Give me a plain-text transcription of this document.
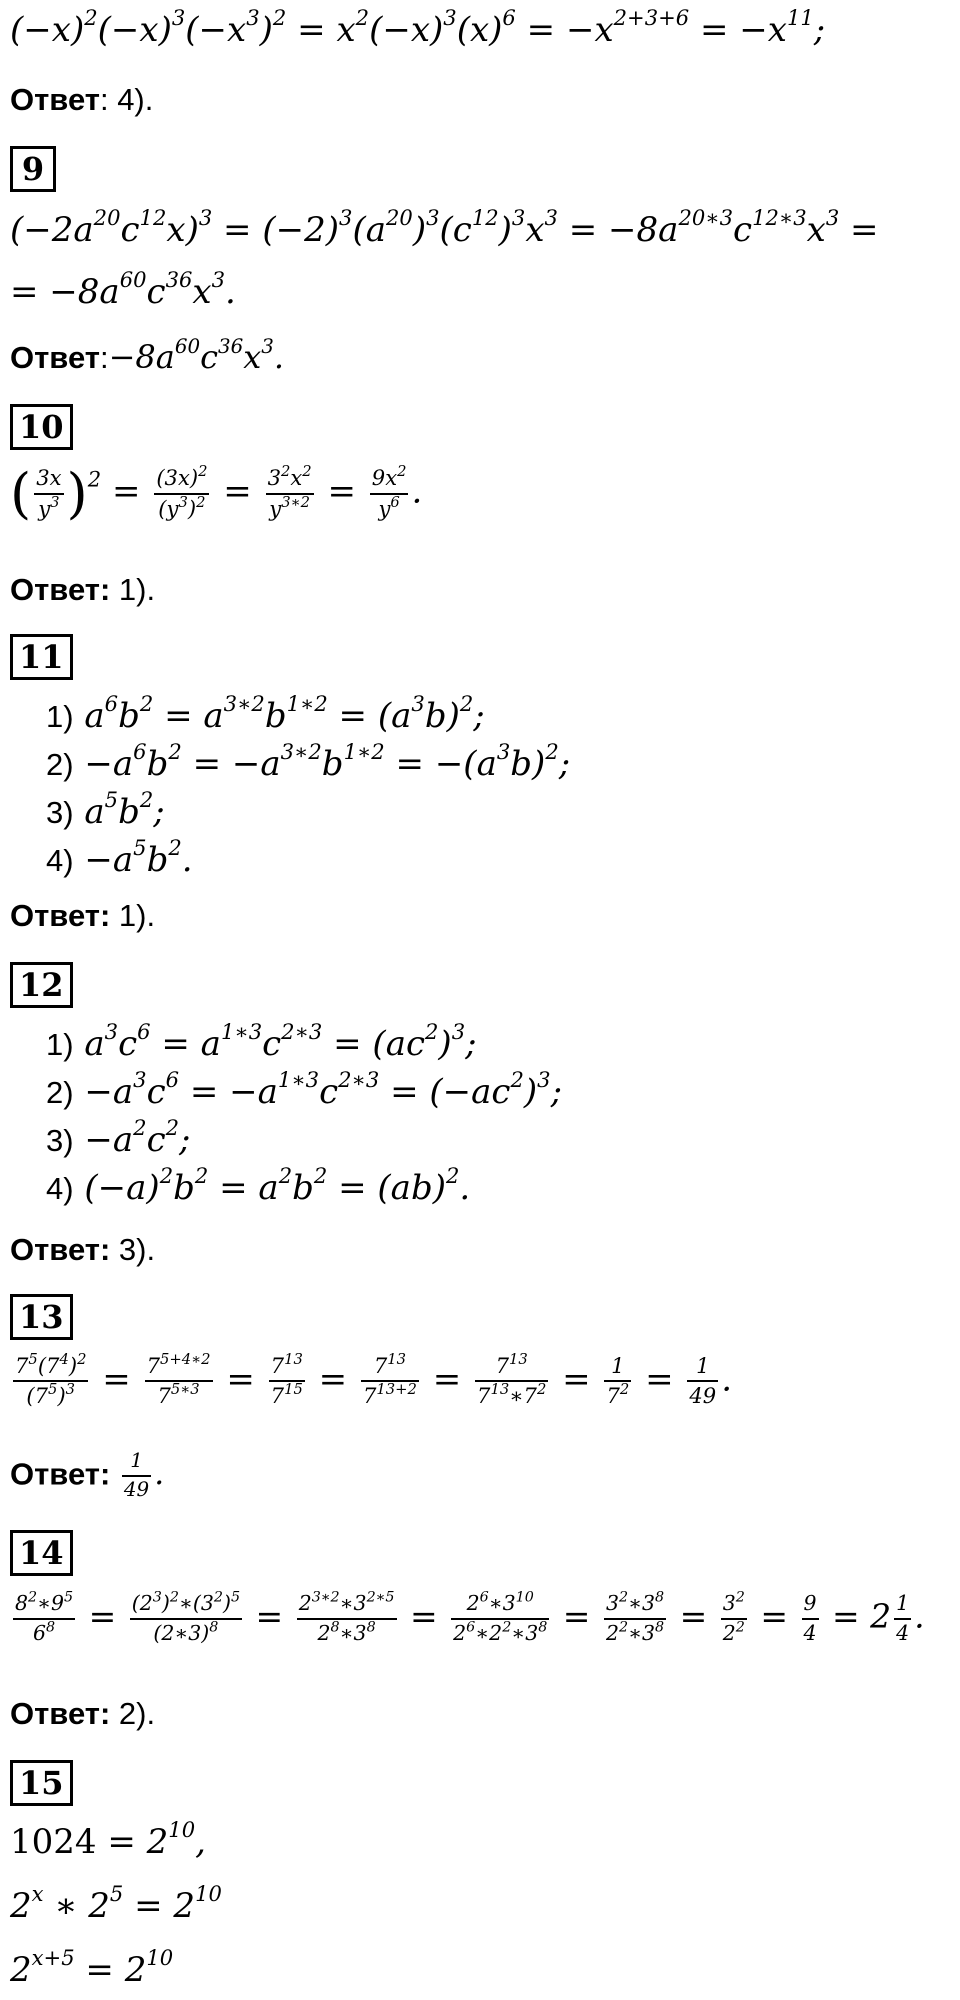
$(-x)^2(-x)^3(-x^3)^2 = x^2(-x)^3(x)^6 = -x^{2+3+6} = -x^{11}$;
Ответ: 4).
9
$(-2a^{20}c^{12}x)^3 = (-2)^3(a^{20})^3(c^{12})^3x^3 = -8a^{20∗3}c^{12∗3}x^3$ =
= $-8a^{60}c^{36}x^3$.
$Ответ:-8a^{60}c^{36}x^3$.
10
( $\frac{3x}{y^3} )^2 = \frac{(3x)^2}{(y^3)^2} = \frac{3^2x^2}{y^{3∗2}} = \frac{9x^2}{y^6}$ .
Ответ: 1).
11
1) $a^6b^2 = a^{3∗2}b^{1∗2} = (a^3b)^2$;
$2) -a^6b^2 = -a^{3∗2}b^{1∗2} = -(a^3b)^2$;
3) $a^5b^2$;
$4) -a^5b^2$.
Ответ: 1).
12
1) $a^3c^6 = a^{1∗3}c^{2∗3} = (ac^2)^3$;
$2) -a^3c^6 = -a^{1∗3}c^{2∗3} = (-ac^2)^3$;
$3) -a^2c^2$;
4) $(-a)^2b^2 = a^2b^2 = (ab)^2$.
Ответ: 3).
13
$\frac{7^5(7^4)^2}{(7^5)^3} = \frac{7^{5+4∗2}}{7^{5∗3}} = \frac{7^{13}}{7^{15}} = \frac{7^{13}}{7^{13+2}} = \frac{7^{13}}{7^{13}∗7^2} = \frac{1}{7^2} = \frac{1}{49}$ .
Ответ: $\frac{1}{49}$ .
14
$\frac{8^2∗9^5}{6^8} = \frac{(2^3)^2∗(3^2)^5}{(2∗3)^8} = \frac{2^{3∗2}∗3^{2∗5}}{2^8∗3^8} = \frac{2^6∗3^{10}}{2^6∗2^2∗3^8} = \frac{3^2∗3^8}{2^2∗3^8} = \frac{3^2}{2^2} = \frac{9}{4} = 2 \frac{1}{4}$ .
Ответ: 2).
15
$1024 = 2^{10}$,
2$^x$ ∗ $2^5 = 2^{10}$
$2^{x+5} = 2^{10}$
